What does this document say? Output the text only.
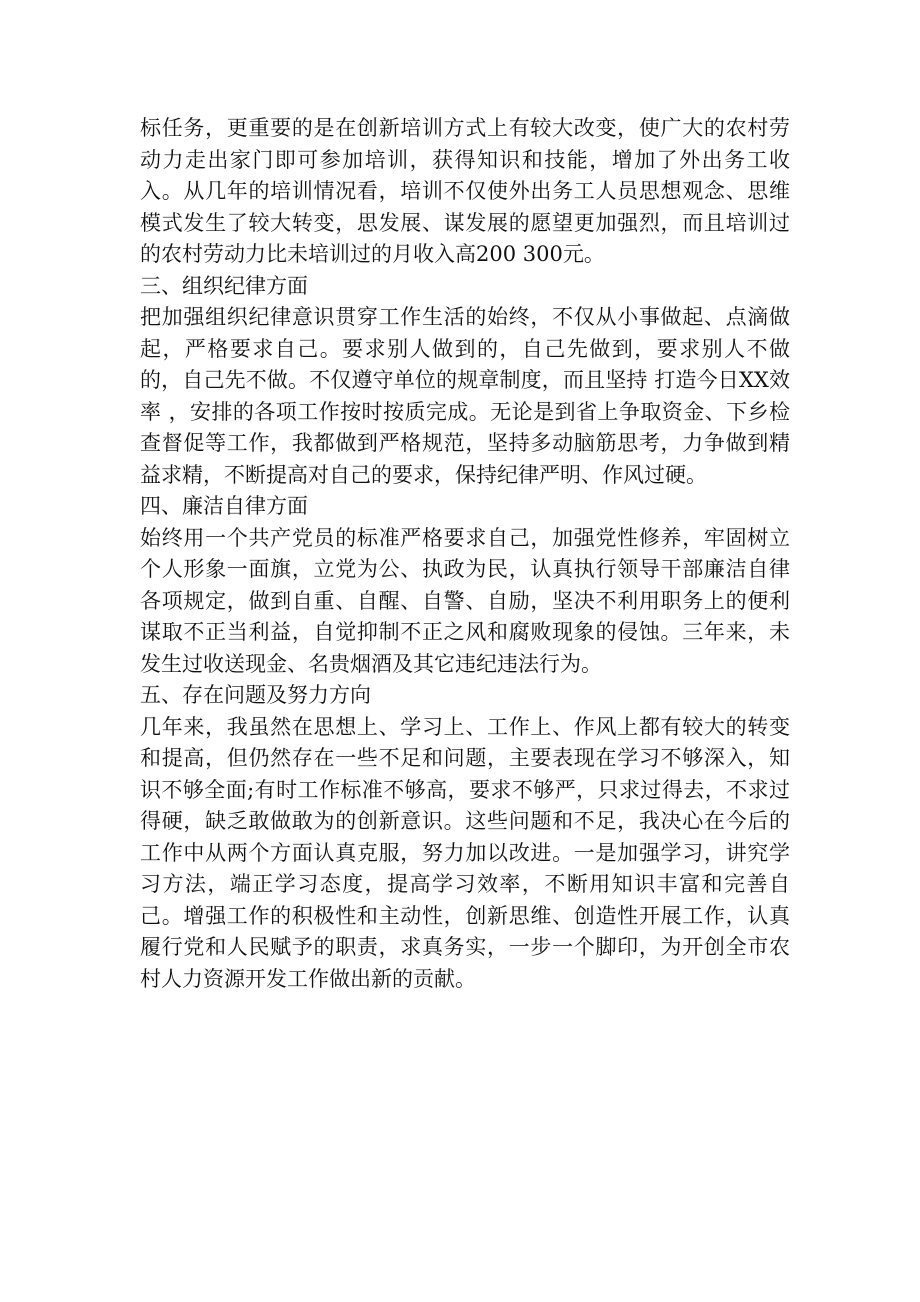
标任务，更重要的是在创新培训方式上有较大改变，使广大的农村劳动力走出家门即可参加培训，获得知识和技能，增加了外出务工收入。从几年的培训情况看，培训不仅使外出务工人员思想观念、思维模式发生了较大转变，思发展、谋发展的愿望更加强烈，而且培训过的农村劳动力比未培训过的月收入高200 300元。

三、组织纪律方面

把加强组织纪律意识贯穿工作生活的始终，不仅从小事做起、点滴做起，严格要求自己。要求别人做到的，自己先做到，要求别人不做的，自己先不做。不仅遵守单位的规章制度，而且坚持 打造今日XX效率 ，安排的各项工作按时按质完成。无论是到省上争取资金、下乡检查督促等工作，我都做到严格规范，坚持多动脑筋思考，力争做到精益求精，不断提高对自己的要求，保持纪律严明、作风过硬。

四、廉洁自律方面

始终用一个共产党员的标准严格要求自己，加强党性修养，牢固树立个人形象一面旗，立党为公、执政为民，认真执行领导干部廉洁自律各项规定，做到自重、自醒、自警、自励，坚决不利用职务上的便利谋取不正当利益，自觉抑制不正之风和腐败现象的侵蚀。三年来，未发生过收送现金、名贵烟酒及其它违纪违法行为。

五、存在问题及努力方向

几年来，我虽然在思想上、学习上、工作上、作风上都有较大的转变和提高，但仍然存在一些不足和问题，主要表现在学习不够深入，知识不够全面;有时工作标准不够高，要求不够严，只求过得去，不求过得硬，缺乏敢做敢为的创新意识。这些问题和不足，我决心在今后的工作中从两个方面认真克服，努力加以改进。一是加强学习，讲究学习方法，端正学习态度，提高学习效率，不断用知识丰富和完善自己。增强工作的积极性和主动性，创新思维、创造性开展工作，认真履行党和人民赋予的职责，求真务实，一步一个脚印，为开创全市农村人力资源开发工作做出新的贡献。
